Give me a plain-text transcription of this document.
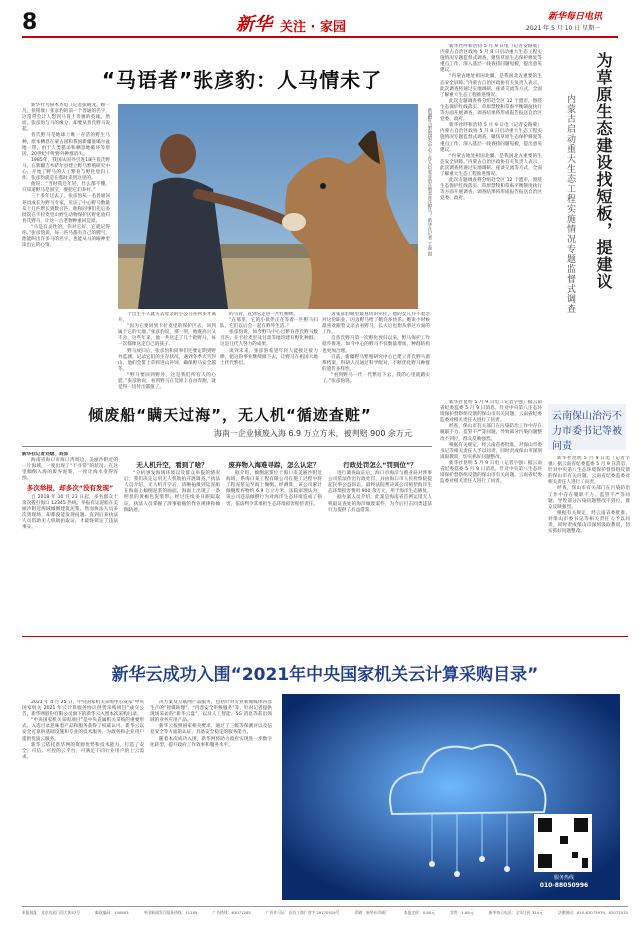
8	新华 关注 · 家园
新华每日电讯
2021 年 5 月 10 日 星期一
“马语者”张彦豹：人马情未了

新华社乌鲁木齐电（记者张晓龙、顾一凡、侯铭康）张彦豹的前一个普通的名字，这常常会让人想到马背上奔驰的英雄。然而，张彦豹与马的缘分，却要从普氏野马说起。

普氏野马是地球上唯一存活的野生马种，原本栖息在蒙古国和我国新疆准噶尔盆地一带，由于人类猎杀和栖息地破坏等原因，20世纪中叶野外种群消失。

1985年，我国从国外引进18匹普氏野马，在新疆吉木萨尔县建立野马繁殖研究中心，开始了野马的人工繁育与野化放归工作。张彦豹就是在那时来到这里的。

他说：“当时我还年轻，什么都不懂，只知道野马是国宝，要把它们养好。”

三十多年过去了，张彦豹从一名普通饲养员成长为野马专家，见证了中心野马数量从十几匹增长到数百匹。他和同事们先后多批次在卡拉麦里山野生动物保护区野化放归普氏野马，让这一古老物种重回荒原。

“马是有灵性的，你对它好，它就记得你。”张彦豹说，每一匹马都有自己的脾气，他能叫出许多马的名字，也能从马的眼神里读出它的心情。	新疆野马繁殖研究中心工作人员张彦豹在喂养普氏野马。新华社记者 丁磊 摄

个出生不久就失去母亲的小公马喜到多才离开。

“因为它要回到卡拉麦里的保护区去，回到属于它的天地。”张彦豹说，那一刻，他既高兴又不舍。这些年来，他一共送走了几十批野马，每一次都像送走自己的孩子。

野马放归后，张彦豹和同事们还要定期到野外监测，记录它们的生存状况。遇到冬季大雪封山，他们会带上草料进山补饲，确保野马安全越冬。

“野马要回到野外，这是我们所有人的心愿。”张彦豹说，看到野马在荒原上自由奔跑，就觉得一切付出都值了。

的马背，直到它走进一片红柳林。

“在那里，它的小伙伴正在等着一匹野马归队，它们以后会一起在野外生活。”

张彦豹说，如今野马中心已繁育普氏野马数百匹，在卡拉麦里及甘肃等地均建有野化种群，这是几代人努力的成果。

谈到未来，张彦豹希望年轻人能接过接力棒，把这份事业继续做下去，让野马在祖国大地上代代繁衍。

为张彦豹眼里最真切的牵挂，他的女儿并不着急对这份职业，因为野马给了她许多快乐。她说小时候最喜欢跟着父亲去看野马，长大后也想从事这方面的工作。

自普氏野马第一次野化放归以来，野马保护工作稳步推进，如今中心的野马不仅数量增加，种群结构也更加合理。

目前，新疆野马繁殖研究中心已建立普氏野马谱系档案，科研人员通过科学配对，不断优化野马种群的遗传多样性。

“看到野马一代一代繁衍下去，我的心里就踏实了。”张彦豹说。

新华社呼和浩特 5 月 9 日电（记者安路蒙）内蒙古自治区政协 5 月 8 日启动重大生态工程实施情况专题监督式调查，聚焦草原生态保护修复等重点工作，深入基层一线查找问题短板，提出意见建议。

“内蒙古地处祖国北疆，是我国北方重要的生态安全屏障。”内蒙古自治区政协有关负责人表示，此次调查将通过实地调研、座谈交流等方式，全面了解重大生态工程推进情况。

此次专题调查将分组赴全区 12 个盟市，围绕生态保护红线落实、草原禁牧和草畜平衡制度执行等方面开展调查，调查结果将形成报告报送自治区党委、政府。

新华社呼和浩特 5 月 9 日电（记者安路蒙）内蒙古自治区政协 5 月 8 日启动重大生态工程实施情况专题监督式调查，聚焦草原生态保护修复等重点工作，深入基层一线查找问题短板，提出意见建议。

“内蒙古地处祖国北疆，是我国北方重要的生态安全屏障。”内蒙古自治区政协有关负责人表示，此次调查将通过实地调研、座谈交流等方式，全面了解重大生态工程推进情况。

此次专题调查将分组赴全区 12 个盟市，围绕生态保护红线落实、草原禁牧和草畜平衡制度执行等方面开展调查，调查结果将形成报告报送自治区党委、政府。	为草原生态建设找短板，提建议
内蒙古启动重大生态工程实施情况专题监督式调查
云南保山治污不力市委书记等被问责

新华社昆明 5 月 9 日电（记者字强）据云南省纪委监委 5 月 9 日消息，针对中央第八生态环境保护督察组反馈的保山市有关问题，云南省纪委监委对相关责任人进行了问责。

经查，保山市有关部门在污染防治工作中存在履职不力、监管不严等问题，导致部分污染问题整改不到位，群众反映强烈。

根据有关规定，经云南省委批准，对保山市委书记等相关责任人予以问责，同时责成保山市深刻汲取教训，切实抓好问题整改。

新华社昆明 5 月 9 日电（记者字强）据云南省纪委监委 5 月 9 日消息，针对中央第八生态环境保护督察组反馈的保山市有关问题，云南省纪委监委对相关责任人进行了问责。

经查，保山市有关部门在污染防治工作中存在履职不力、监管不严等问题，导致部分污染问题整改不到位，群众反映强烈。

根据有关规定，经云南省委批准，对保山市委书记等相关责任人予以问责，同时责成保山市深刻汲取教训，切实抓好问题整改。

新华社昆明 5 月 9 日电（记者字强）据云南省纪委监委 5 月 9 日消息，针对中央第八生态环境保护督察组反馈的保山市有关问题，云南省纪委监委对相关责任人进行了问责。

倾废船“瞒天过海”，无人机“循迹查赃”
海南一企业倾废入海 6.9 万立方米，被判赔 900 余万元

新华社记者刘熠、刘邵

海南省海口市海口湾周边，美丽沙附近的一片海域，一度出现了“不寻常”的状况。在这里倾倒入海的废弃泥浆，一度让海水变得浑浊。

多次举报，却多次“没有发现”

自 2018 年 10 月 23 日起，多名群众十余次拨打海口 12345 热线，举报有运泥船在美丽沙附近海域倾倒建筑泥浆。然而执法人员多次到现场，却都没能发现问题。直到后来执法人员借助无人机航拍取证，才最终锁定了违法事实。

无人机升空，看到了啥？

“分析事发海域环境以及群众举报的情况后，我们决定运用无人机航拍开展调查。”执法人员介绍，无人机升空后，清晰拍摄到运泥船在海面上倾倒泥浆的画面，海面上出现了一条明显的黄褐色泥浆带。经过连续多日跟踪取证，执法人员掌握了涉事船舶的作业规律和倾倒轨迹。

废弃物入海难寻踪，怎么认定？

据介绍，倾倒泥浆位于海口市美丽沙附近海域，系海口某工程有限公司在施工过程中将工程泥浆运至海上倾倒。经测算，该公司累计倾倒废弃物约 6.9 万立方米。法院审理认为，该公司违法倾倒行为对海洋生态环境造成了损害，依法判令其承担生态环境损害赔偿责任。

行政处罚怎么“罚到位”？

进行调查取证后，海口市海洋与渔业局对涉事公司依法作出行政处罚，并由海口市人民检察院提起民事公益诉讼。最终法院判决该公司赔偿海洋生态环境损害费用 900 余万元，用于海洋生态修复。

据办案人员介绍，此案是海南省首例运用无人机取证查处的海洋倾废案件，为今后打击同类违法行为提供了有益借鉴。

新华云成功入围“2021年中央国家机关云计算采购目录”

2021 年 4 月 25 日，中央国家机关采购中心发布“中央国家机关 2021 年云计算服务协议供货采购项目”成交公告，新华网股份有限公司旗下的新华云入围本次采购目录。

“中央国家机关采购项目”是中央直属机关采购的重要形式，入选目录意味着产品和服务获得了权威认可。新华云以安全可靠的基础设施和专业的技术服务，为政务和企业用户提供优质云服务。

新华云依托新华网的资源优势和技术能力，打造了安全、可信、可控的云平台，可满足不同行业用户的上云需求。

决方案及互联网产品服务，包括针对专业新闻媒体内容生产的“智媒助理”、“内容安全审核服务”等，针对记者提供现场采访的“新华云盘”，以及人工智能、5G 消息等前沿领域的业务应用产品。

新华云按照国家相关要求，通过了三级等保测评以及信息安全等方面的认证，具备安全稳定的服务能力。

随着本次成功入围，新华网将助力政府实现进一步数字化转型，提升政府工作效率和服务水平。

服务热线
010-88050996
本报地址：北京宣武门西大街57号	邮政编码：100803	中国新闻发行服务热线：11185	广告热线：63071265	广告许可证：京西工商广登字 20170529号	印刷：新华社印刷厂	本报定价：0.80元	零售：1.80元	新华每日电讯：全年订价 324元	法律顾问：010-63073979、63072070
